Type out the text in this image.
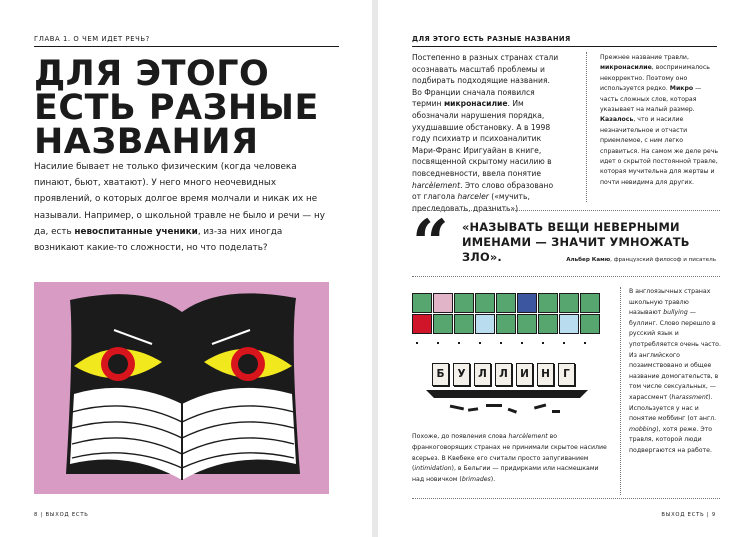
ГЛАВА 1. О ЧЕМ ИДЕТ РЕЧЬ?
ДЛЯ ЭТОГО
ЕСТЬ РАЗНЫЕ
НАЗВАНИЯ

Насилие бывает не только физическим (когда человека пинают, бьют, хватают). У него много неочевидных проявлений, о которых долгое время молчали и никак их не называли. Например, о школьной травле не было и речи — ну да, есть невоспитанные ученики, из-за них иногда возникают какие-то сложности, но что поделать?

8 | ВЫХОД ЕСТЬ
ДЛЯ ЭТОГО ЕСТЬ РАЗНЫЕ НАЗВАНИЯ

Постепенно в разных странах стали осознавать масштаб проблемы и подбирать подходящие названия. Во Франции сначала появился термин микронасилие. Им обозначали нарушения порядка, ухудшавшие обстановку. А в 1998 году психиатр и психоаналитик Мари-Франс Иригуайан в книге, посвященной скрытому насилию в повседневности, ввела понятие harcèlement. Это слово образовано от глагола harceler («мучить, преследовать, дразнить»).

Прежнее название травли, микронасилие, воспринималось некорректно. Поэтому оно используется редко. Микро — часть сложных слов, которая указывает на малый размер. Казалось, что и насилие незначительное и отчасти приемлемое, с ним легко справиться. На самом же деле речь идет о скрытой постоянной травле, которая мучительна для жертвы и почти невидима для других.

“ «НАЗЫВАТЬ ВЕЩИ НЕВЕРНЫМИ ИМЕНАМИ — ЗНАЧИТ УМНОЖАТЬ ЗЛО».	Альбер Камю, французский философ и писатель
Б	У	Л	Л	И	Н	Г

Похоже, до появления слова harcèlement во франкоговорящих странах не принимали скрытое насилие всерьез. В Квебеке его считали просто запугиванием (intimidation), в Бельгии — придирками или насмешками над новичком (brimades).

В англоязычных странах школьную травлю называют bullying — буллинг. Слово перешло в русский язык и употребляется очень часто. Из английского позаимствовано и общее название домогательств, в том числе сексуальных, — харассмент (harassment). Используется у нас и понятие моббинг (от англ. mobbing), хотя реже. Это травля, которой люди подвергаются на работе.

ВЫХОД ЕСТЬ | 9
